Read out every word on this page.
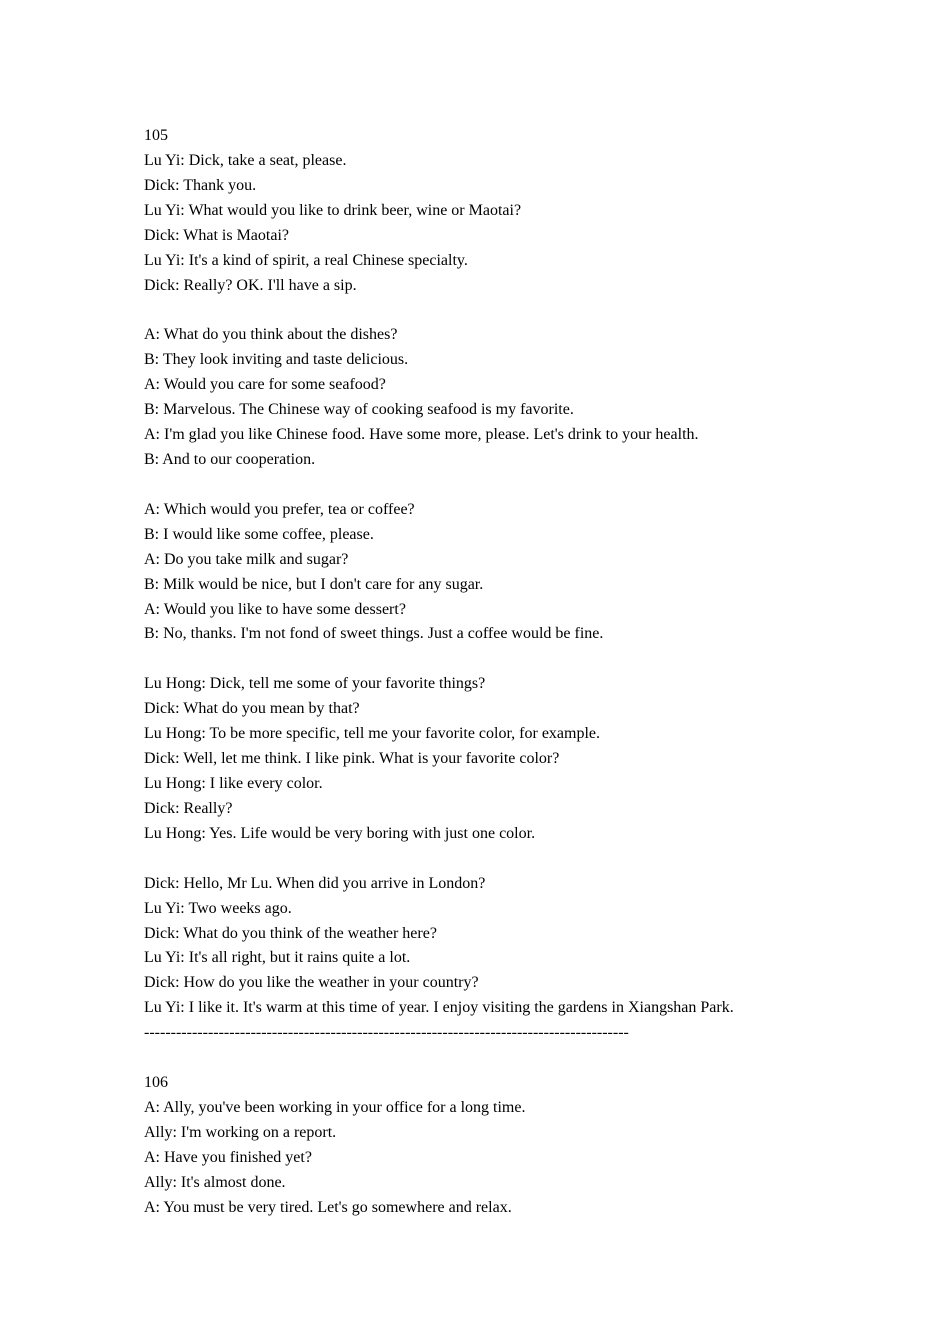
105
Lu Yi: Dick, take a seat, please.
Dick: Thank you.
Lu Yi: What would you like to drink beer, wine or Maotai?
Dick: What is Maotai?
Lu Yi: It's a kind of spirit, a real Chinese specialty.
Dick: Really? OK. I'll have a sip.
A: What do you think about the dishes?
B: They look inviting and taste delicious.
A: Would you care for some seafood?
B: Marvelous. The Chinese way of cooking seafood is my favorite.
A: I'm glad you like Chinese food. Have some more, please. Let's drink to your health.
B: And to our cooperation.
A: Which would you prefer, tea or coffee?
B: I would like some coffee, please.
A: Do you take milk and sugar?
B: Milk would be nice, but I don't care for any sugar.
A: Would you like to have some dessert?
B: No, thanks. I'm not fond of sweet things. Just a coffee would be fine.
Lu Hong: Dick, tell me some of your favorite things?
Dick: What do you mean by that?
Lu Hong: To be more specific, tell me your favorite color, for example.
Dick: Well, let me think. I like pink. What is your favorite color?
Lu Hong: I like every color.
Dick: Really?
Lu Hong: Yes. Life would be very boring with just one color.
Dick: Hello, Mr Lu. When did you arrive in London?
Lu Yi: Two weeks ago.
Dick: What do you think of the weather here?
Lu Yi: It's all right, but it rains quite a lot.
Dick: How do you like the weather in your country?
Lu Yi: I like it. It's warm at this time of year. I enjoy visiting the gardens in Xiangshan Park.
-------------------------------------------------------------------------------------------
106
A: Ally, you've been working in your office for a long time.
Ally: I'm working on a report.
A: Have you finished yet?
Ally: It's almost done.
A: You must be very tired. Let's go somewhere and relax.
